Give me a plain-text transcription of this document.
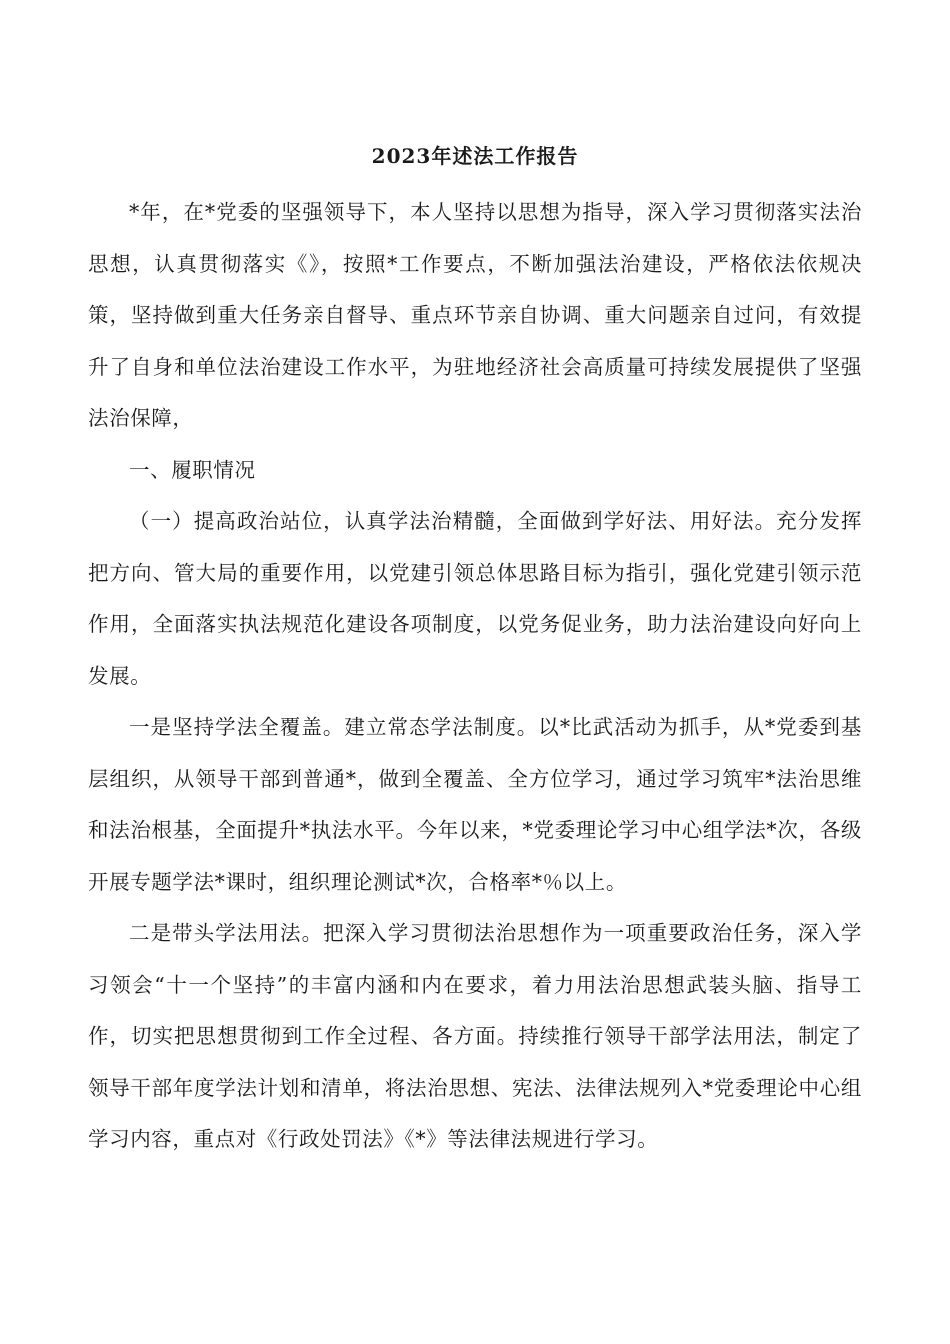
2023年述法工作报告

*年，在*党委的坚强领导下，本人坚持以思想为指导，深入学习贯彻落实法治思想，认真贯彻落实《》，按照*工作要点，不断加强法治建设，严格依法依规决策，坚持做到重大任务亲自督导、重点环节亲自协调、重大问题亲自过问，有效提升了自身和单位法治建设工作水平，为驻地经济社会高质量可持续发展提供了坚强法治保障，

一、履职情况

（一）提高政治站位，认真学法治精髓，全面做到学好法、用好法。充分发挥把方向、管大局的重要作用，以党建引领总体思路目标为指引，强化党建引领示范作用，全面落实执法规范化建设各项制度，以党务促业务，助力法治建设向好向上发展。

一是坚持学法全覆盖。建立常态学法制度。以*比武活动为抓手，从*党委到基层组织，从领导干部到普通*，做到全覆盖、全方位学习，通过学习筑牢*法治思维和法治根基，全面提升*执法水平。今年以来，*党委理论学习中心组学法*次，各级开展专题学法*课时，组织理论测试*次，合格率*％以上。

二是带头学法用法。把深入学习贯彻法治思想作为一项重要政治任务，深入学习领会“十一个坚持”的丰富内涵和内在要求，着力用法治思想武装头脑、指导工作，切实把思想贯彻到工作全过程、各方面。持续推行领导干部学法用法，制定了领导干部年度学法计划和清单，将法治思想、宪法、法律法规列入*党委理论中心组学习内容，重点对《行政处罚法》《*》等法律法规进行学习。
